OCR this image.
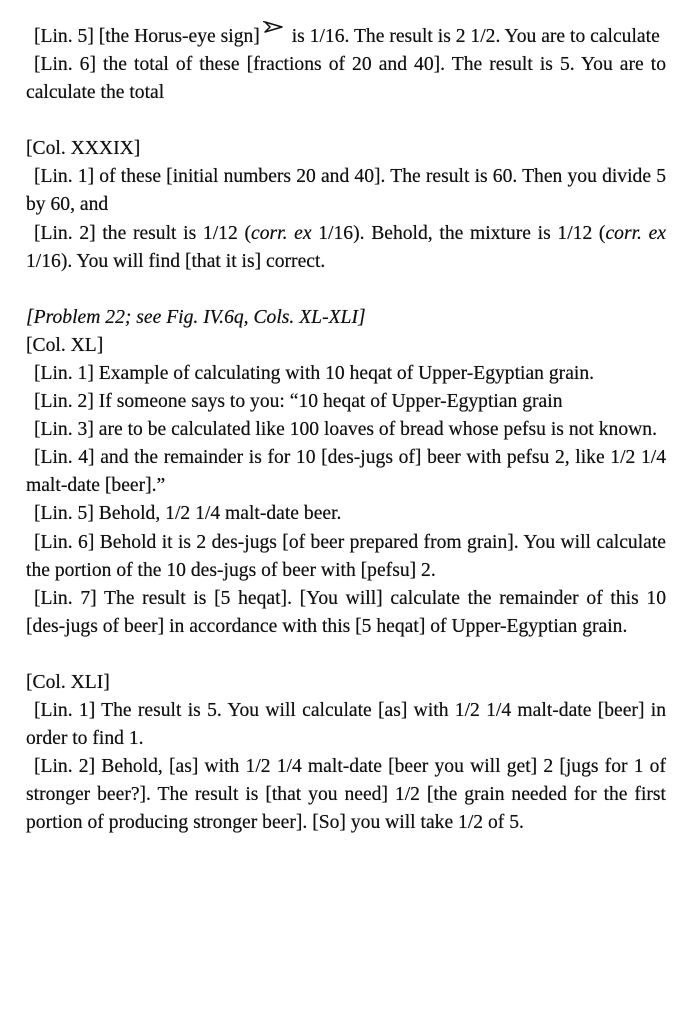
[Lin. 5] [the Horus-eye sign]
is 1/16. The result is 2 1/2. You are to calculate

[Lin. 6] the total of these [fractions of 20 and 40]. The result is 5. You are to calculate the total

[Col. XXXIX]

[Lin. 1] of these [initial numbers 20 and 40]. The result is 60. Then you divide 5 by 60, and

[Lin. 2] the result is 1/12 (corr. ex 1/16). Behold, the mixture is 1/12 (corr. ex 1/16). You will find [that it is] correct.

[Problem 22; see Fig. IV.6q, Cols. XL-XLI]

[Col. XL]

[Lin. 1] Example of calculating with 10 heqat of Upper-Egyptian grain.

[Lin. 2] If someone says to you: “10 heqat of Upper-Egyptian grain

[Lin. 3] are to be calculated like 100 loaves of bread whose pefsu is not known.

[Lin. 4] and the remainder is for 10 [des-jugs of] beer with pefsu 2, like 1/2 1/4 malt-date [beer].”

[Lin. 5] Behold, 1/2 1/4 malt-date beer.

[Lin. 6] Behold it is 2 des-jugs [of beer prepared from grain]. You will calculate the portion of the 10 des-jugs of beer with [pefsu] 2.

[Lin. 7] The result is [5 heqat]. [You will] calculate the remainder of this 10 [des-jugs of beer] in accordance with this [5 heqat] of Upper-Egyptian grain.

[Col. XLI]

[Lin. 1] The result is 5. You will calculate [as] with 1/2 1/4 malt-date [beer] in order to find 1.

[Lin. 2] Behold, [as] with 1/2 1/4 malt-date [beer you will get] 2 [jugs for 1 of stronger beer?]. The result is [that you need] 1/2 [the grain needed for the first portion of producing stronger beer]. [So] you will take 1/2 of 5.
